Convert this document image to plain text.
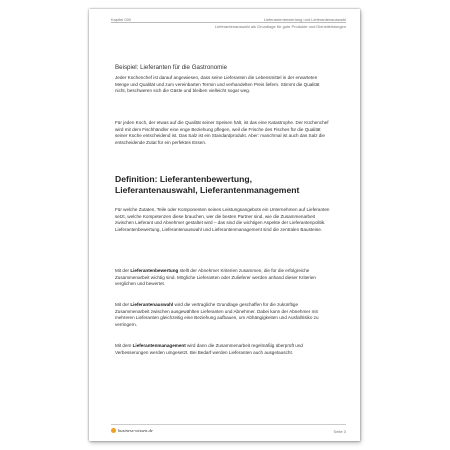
Kapitel 000	Lieferantenbewertung und Lieferantenauswahl
Lieferantenauswahl als Grundlage für gute Produkte und Dienstleistungen
Beispiel: Lieferanten für die Gastronomie

Jeder Küchenchef ist darauf angewiesen, dass seine Lieferanten die Lebensmittel in der erwarteten Menge und Qualität und zum vereinbarten Termin und verhandelten Preis liefern. Stimmt die Qualität nicht, beschweren sich die Gäste und bleiben vielleicht sogar weg.

Für jeden Koch, der etwas auf die Qualität seiner Speisen hält, ist das eine Katastrophe. Der Küchenchef wird mit dem Fischhändler eine enge Beziehung pflegen, weil die Frische des Fisches für die Qualität seiner Küche entscheidend ist. Das Salz ist ein Standardprodukt. Aber: manchmal ist auch das Salz die entscheidende Zutat für ein perfektes Essen.

Definition: Lieferantenbewertung, Lieferantenauswahl, Lieferantenmanagement

Für welche Zutaten, Teile oder Komponenten seines Leistungsangebots ein Unternehmen auf Lieferanten setzt, welche Kompetenzen diese brauchen, wer die besten Partner sind, wie die Zusammenarbeit zwischen Lieferant und Abnehmer gestaltet wird – das sind die wichtigen Aspekte der Lieferantenpolitik. Lieferantenbewertung, Lieferantenauswahl und Lieferantenmanagement sind die zentralen Bausteine.

Mit der Lieferantenbewertung stellt der Abnehmer Kriterien zusammen, die für die erfolgreiche Zusammenarbeit wichtig sind. Mögliche Lieferanten oder Zulieferer werden anhand dieser Kriterien verglichen und bewertet.

Mit der Lieferantenauswahl wird die vertragliche Grundlage geschaffen für die zukünftige Zusammenarbeit zwischen ausgewählten Lieferanten und Abnehmer. Dabei kann der Abnehmer mit mehreren Lieferanten gleichzeitig eine Beziehung aufbauen, um Abhängigkeiten und Ausfallrisiko zu verringern.

Mit dem Lieferantenmanagement wird dann die Zusammenarbeit regelmäßig überprüft und Verbesserungen werden umgesetzt. Bei Bedarf werden Lieferanten auch ausgetauscht.

business-wissen.de	Seite 3
